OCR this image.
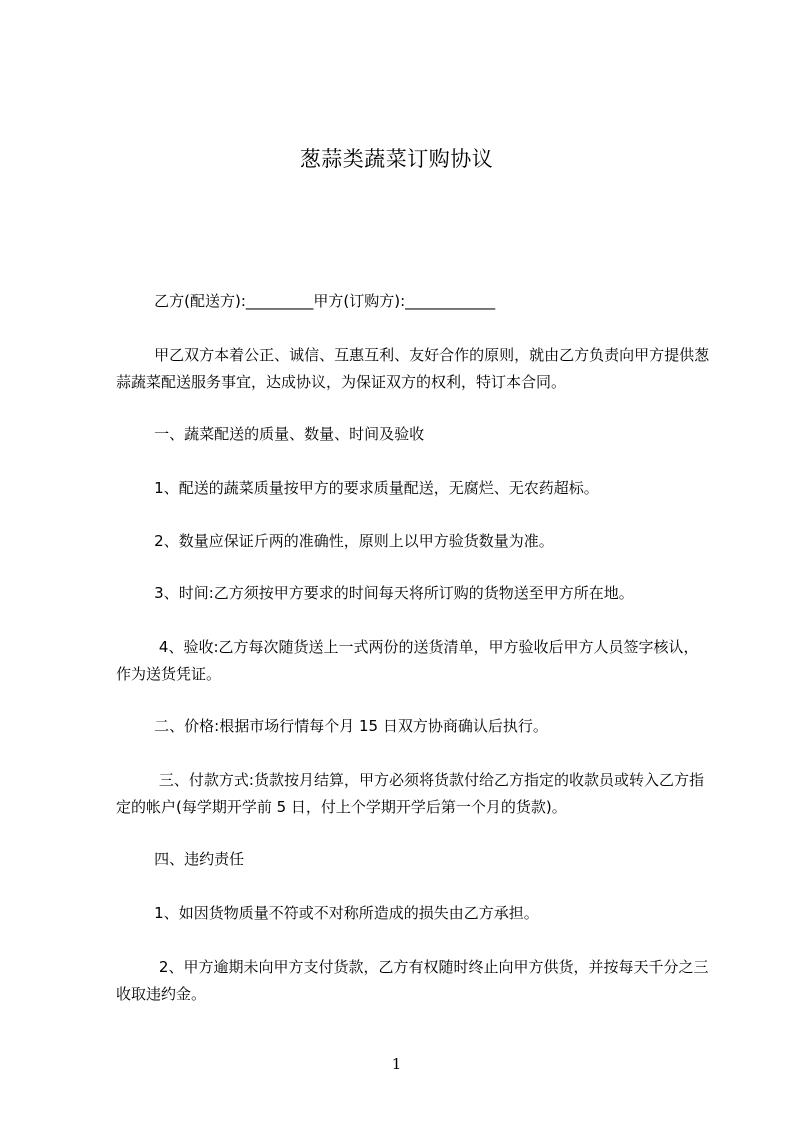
葱蒜类蔬菜订购协议
乙方(配送方):_________甲方(订购方):____________
甲乙双方本着公正、诚信、互惠互利、友好合作的原则，就由乙方负责向甲方提供葱蒜蔬菜配送服务事宜，达成协议，为保证双方的权利，特订本合同。
一、蔬菜配送的质量、数量、时间及验收
1、配送的蔬菜质量按甲方的要求质量配送，无腐烂、无农药超标。
2、数量应保证斤两的准确性，原则上以甲方验货数量为准。
3、时间:乙方须按甲方要求的时间每天将所订购的货物送至甲方所在地。
4、验收:乙方每次随货送上一式两份的送货清单，甲方验收后甲方人员签字核认，作为送货凭证。
二、价格:根据市场行情每个月 15 日双方协商确认后执行。
三、付款方式:货款按月结算，甲方必须将货款付给乙方指定的收款员或转入乙方指定的帐户(每学期开学前 5 日，付上个学期开学后第一个月的货款)。
四、违约责任
1、如因货物质量不符或不对称所造成的损失由乙方承担。
2、甲方逾期未向甲方支付货款，乙方有权随时终止向甲方供货，并按每天千分之三收取违约金。
1
